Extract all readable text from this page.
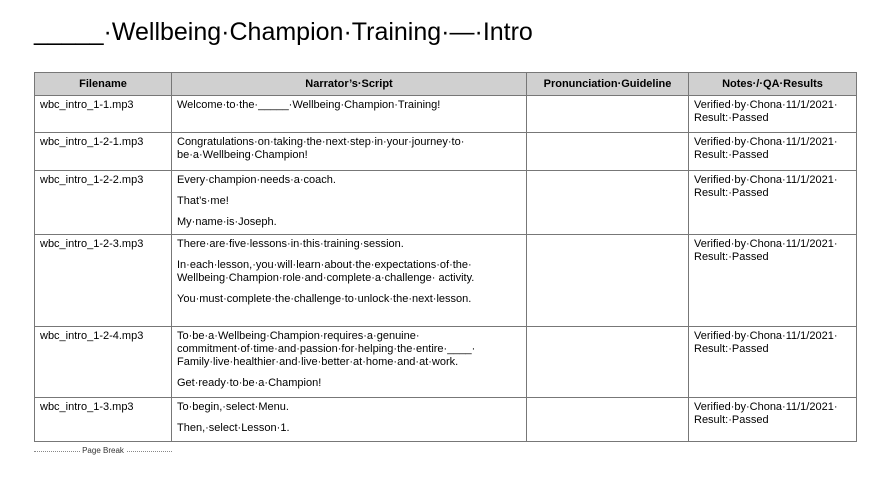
_____·Wellbeing·Champion·Training·—·Intro
Filename	Narrator’s·Script	Pronunciation·Guideline	Notes·/·QA·Results
wbc_intro_1-1.mp3	Welcome·to·the·_____·Wellbeing·Champion·Training!		Verified·by·Chona·11/1/2021· Result:·Passed
wbc_intro_1-2-1.mp3	Congratulations·on·taking·the·next·step·in·your·journey·to· be·a·Wellbeing·Champion!		Verified·by·Chona·11/1/2021· Result:·Passed
wbc_intro_1-2-2.mp3	Every·champion·needs·a·coach.

That’s·me!

My·name·is·Joseph.		Verified·by·Chona·11/1/2021· Result:·Passed
wbc_intro_1-2-3.mp3	There·are·five·lessons·in·this·training·session.

In·each·lesson,·you·will·learn·about·the·expectations·of·the· Wellbeing·Champion·role·and·complete·a·challenge· activity.

You·must·complete·the·challenge·to·unlock·the·next·lesson.		Verified·by·Chona·11/1/2021· Result:·Passed
wbc_intro_1-2-4.mp3	To·be·a·Wellbeing·Champion·requires·a·genuine· commitment·of·time·and·passion·for·helping·the·entire·____· Family·live·healthier·and·live·better·at·home·and·at·work.

Get·ready·to·be·a·Champion!		Verified·by·Chona·11/1/2021· Result:·Passed
wbc_intro_1-3.mp3	To·begin,·select·Menu.

Then,·select·Lesson·1.		Verified·by·Chona·11/1/2021· Result:·Passed
Page Break
